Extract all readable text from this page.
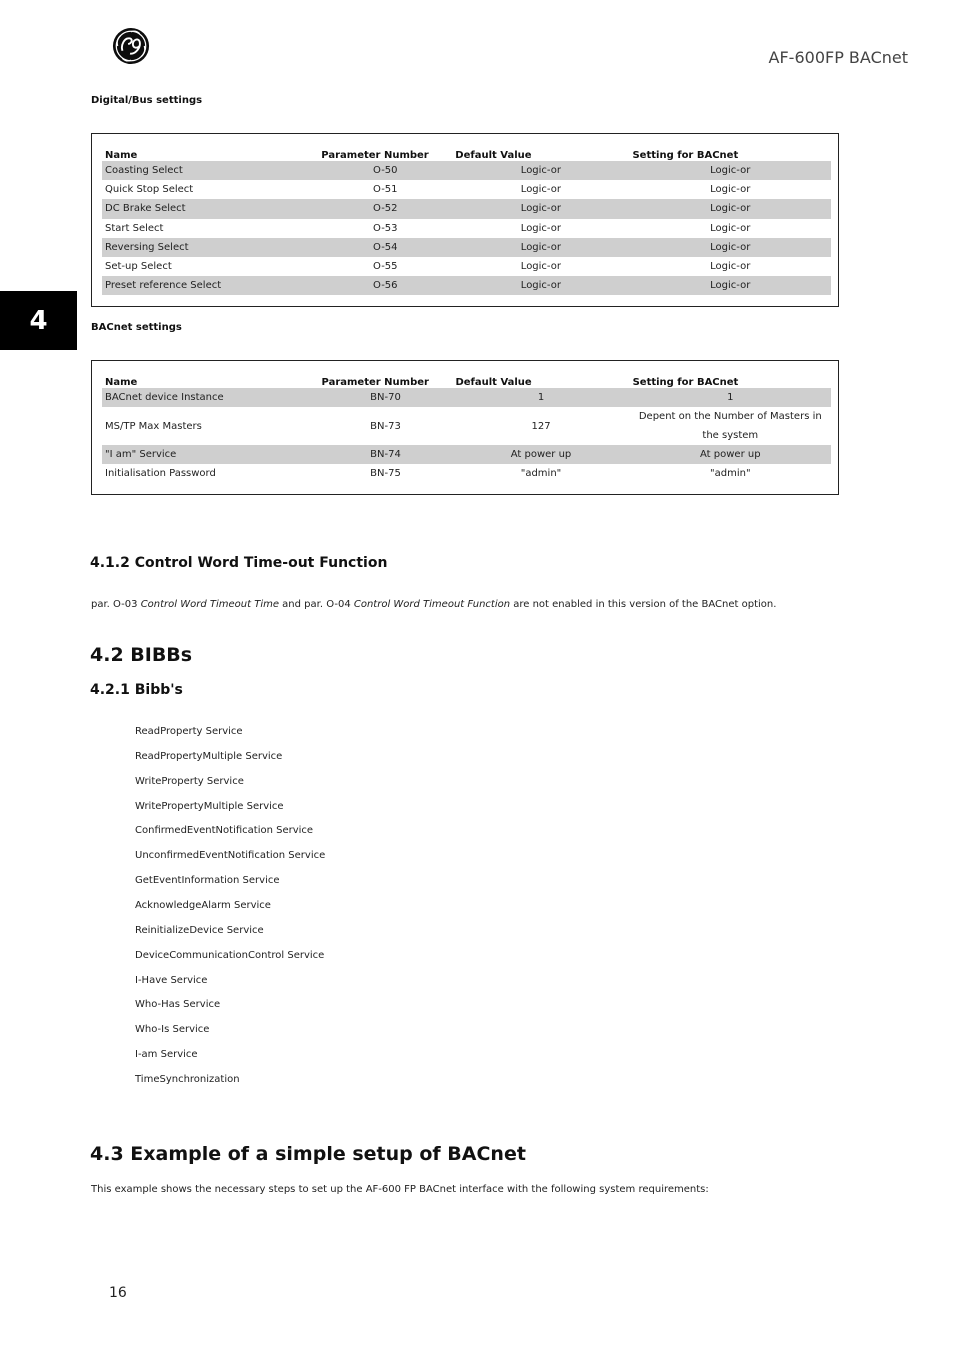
AF-600FP BACnet
4
Digital/Bus settings
Name	Parameter Number	Default Value	Setting for BACnet
Coasting Select	O-50	Logic-or	Logic-or
Quick Stop Select	O-51	Logic-or	Logic-or
DC Brake Select	O-52	Logic-or	Logic-or
Start Select	O-53	Logic-or	Logic-or
Reversing Select	O-54	Logic-or	Logic-or
Set-up Select	O-55	Logic-or	Logic-or
Preset reference Select	O-56	Logic-or	Logic-or
BACnet settings
Name	Parameter Number	Default Value	Setting for BACnet
BACnet device Instance	BN-70	1	1
MS/TP Max Masters	BN-73	127	Depent on the Number of Masters in the system
"I am" Service	BN-74	At power up	At power up
Initialisation Password	BN-75	"admin"	"admin"
4.1.2 Control Word Time-out Function

par. O-03 Control Word Timeout Time and par. O-04 Control Word Timeout Function are not enabled in this version of the BACnet option.

4.2 BIBBs
4.2.1 Bibb's
ReadProperty Service
ReadPropertyMultiple Service
WriteProperty Service
WritePropertyMultiple Service
ConfirmedEventNotification Service
UnconfirmedEventNotification Service
GetEventInformation Service
AcknowledgeAlarm Service
ReinitializeDevice Service
DeviceCommunicationControl Service
I-Have Service
Who-Has Service
Who-Is Service
I-am Service
TimeSynchronization
4.3 Example of a simple setup of BACnet

This example shows the necessary steps to set up the AF-600 FP BACnet interface with the following system requirements:

16
